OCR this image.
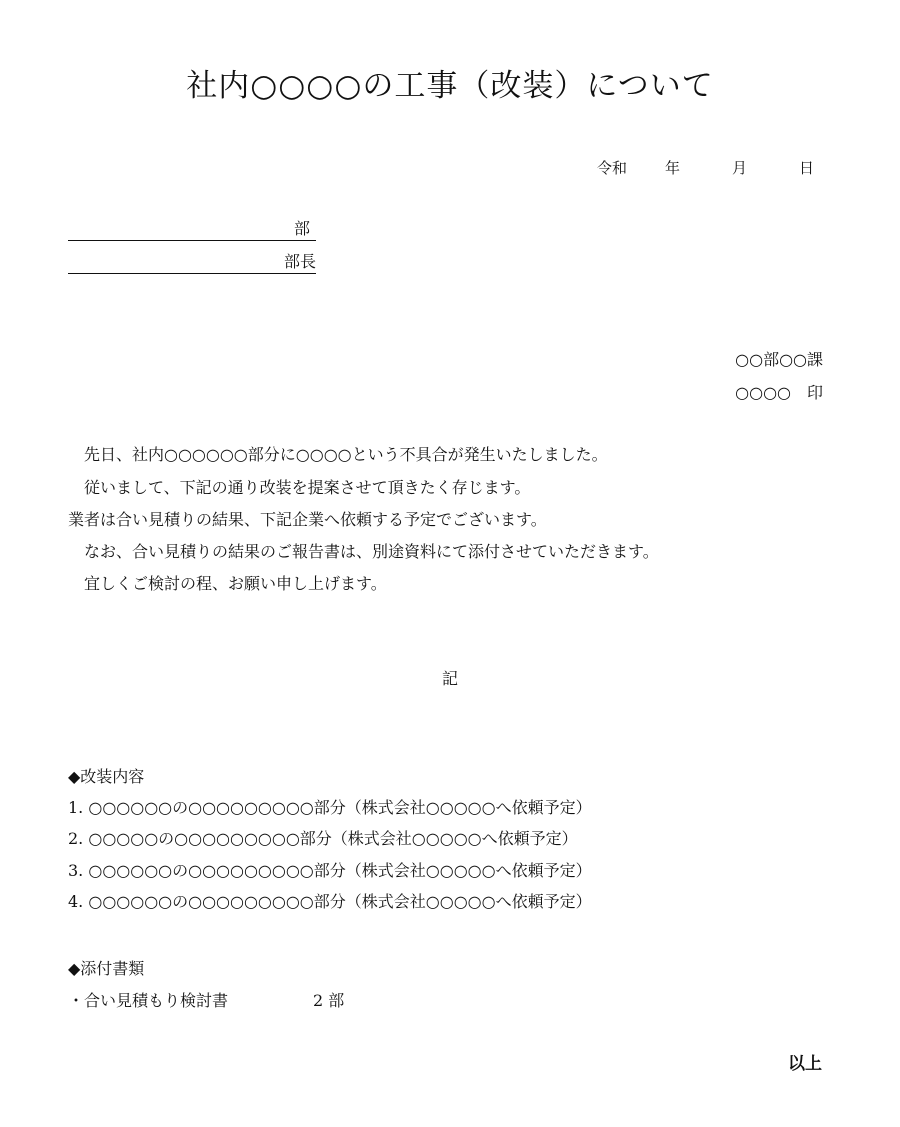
社内○○○○の工事（改装）について
令和	年	月	日
部
部長
○○部○○課
○○○○　印
　先日、社内○○○○○○部分に○○○○という不具合が発生いたしました。
　従いまして、下記の通り改装を提案させて頂きたく存じます。
業者は合い見積りの結果、下記企業へ依頼する予定でございます。
　なお、合い見積りの結果のご報告書は、別途資料にて添付させていただきます。
　宜しくご検討の程、お願い申し上げます。
記
◆改装内容
1. ○○○○○○の○○○○○○○○○部分（株式会社○○○○○へ依頼予定）
2. ○○○○○の○○○○○○○○○部分（株式会社○○○○○へ依頼予定）
3. ○○○○○○の○○○○○○○○○部分（株式会社○○○○○へ依頼予定）
4. ○○○○○○の○○○○○○○○○部分（株式会社○○○○○へ依頼予定）
◆添付書類
・合い見積もり検討書	2 部
以上
